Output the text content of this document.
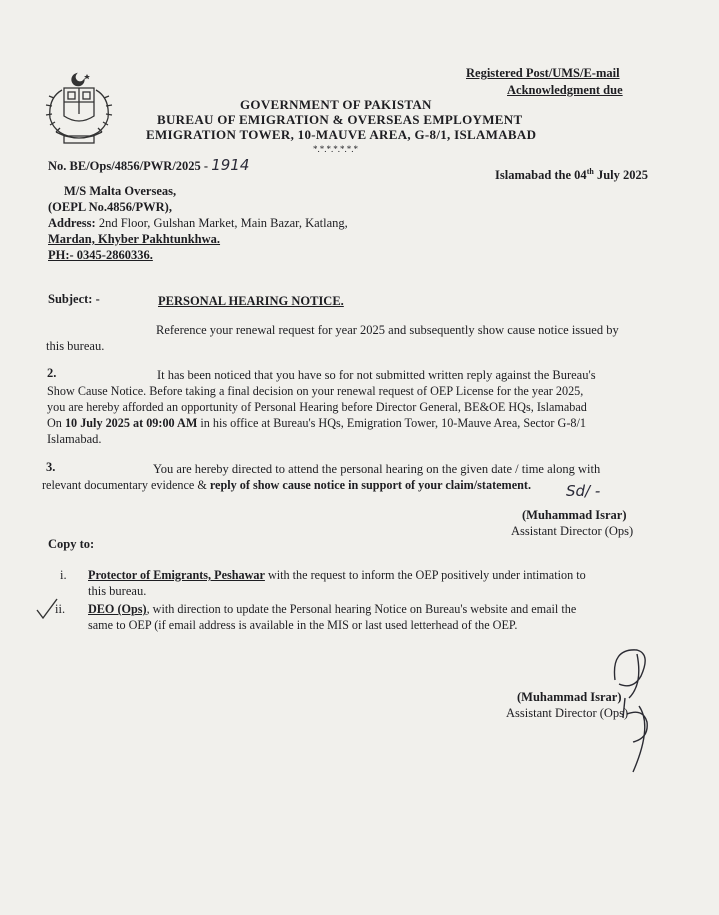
Registered Post/UMS/E-mail
Acknowledgment due
GOVERNMENT OF PAKISTAN
BUREAU OF EMIGRATION & OVERSEAS EMPLOYMENT
EMIGRATION TOWER, 10-MAUVE AREA, G-8/1, ISLAMABAD
*.*.*.*.*.*.*
No. BE/Ops/4856/PWR/2025 - 1914
Islamabad the 04th July 2025
M/S Malta Overseas,
(OEPL No.4856/PWR),
Address: 2nd Floor, Gulshan Market, Main Bazar, Katlang,
Mardan, Khyber Pakhtunkhwa.
PH:- 0345-2860336.
Subject: -	PERSONAL HEARING NOTICE.
Reference your renewal request for year 2025 and subsequently show cause notice issued by
this bureau.
2.	It has been noticed that you have so for not submitted written reply against the Bureau's
Show Cause Notice. Before taking a final decision on your renewal request of OEP License for the year 2025,
you are hereby afforded an opportunity of Personal Hearing before Director General, BE&OE HQs, Islamabad
On 10 July 2025 at 09:00 AM in his office at Bureau's HQs, Emigration Tower, 10-Mauve Area, Sector G-8/1
Islamabad.
3.	You are hereby directed to attend the personal hearing on the given date / time along with
relevant documentary evidence & reply of show cause notice in support of your claim/statement. Sd/ -
(Muhammad Israr)
Assistant Director (Ops)
Copy to:
i. Protector of Emigrants, Peshawar with the request to inform the OEP positively under intimation to
this bureau.
ii. DEO (Ops), with direction to update the Personal hearing Notice on Bureau's website and email the
same to OEP (if email address is available in the MIS or last used letterhead of the OEP.
(Muhammad Israr)
Assistant Director (Ops)
